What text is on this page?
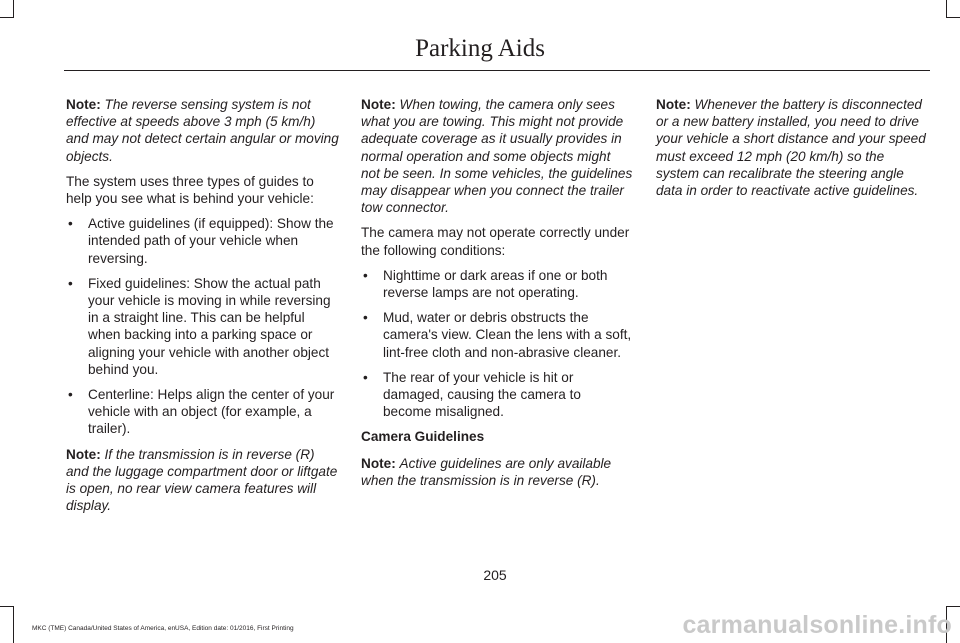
Parking Aids

Note: The reverse sensing system is not effective at speeds above 3 mph (5 km/h) and may not detect certain angular or moving objects.

The system uses three types of guides to help you see what is behind your vehicle:

• Active guidelines (if equipped): Show the intended path of your vehicle when reversing.
• Fixed guidelines: Show the actual path your vehicle is moving in while reversing in a straight line. This can be helpful when backing into a parking space or aligning your vehicle with another object behind you.
• Centerline: Helps align the center of your vehicle with an object (for example, a trailer).

Note: If the transmission is in reverse (R) and the luggage compartment door or liftgate is open, no rear view camera features will display.

Note: When towing, the camera only sees what you are towing. This might not provide adequate coverage as it usually provides in normal operation and some objects might not be seen. In some vehicles, the guidelines may disappear when you connect the trailer tow connector.

The camera may not operate correctly under the following conditions:

• Nighttime or dark areas if one or both reverse lamps are not operating.
• Mud, water or debris obstructs the camera's view. Clean the lens with a soft, lint-free cloth and non-abrasive cleaner.
• The rear of your vehicle is hit or damaged, causing the camera to become misaligned.

Camera Guidelines

Note: Active guidelines are only available when the transmission is in reverse (R).

Note: Whenever the battery is disconnected or a new battery installed, you need to drive your vehicle a short distance and your speed must exceed 12 mph (20 km/h) so the system can recalibrate the steering angle data in order to reactivate active guidelines.

205
MKC (TME) Canada/United States of America, enUSA, Edition date: 01/2016, First Printing	carmanualsonline.info
